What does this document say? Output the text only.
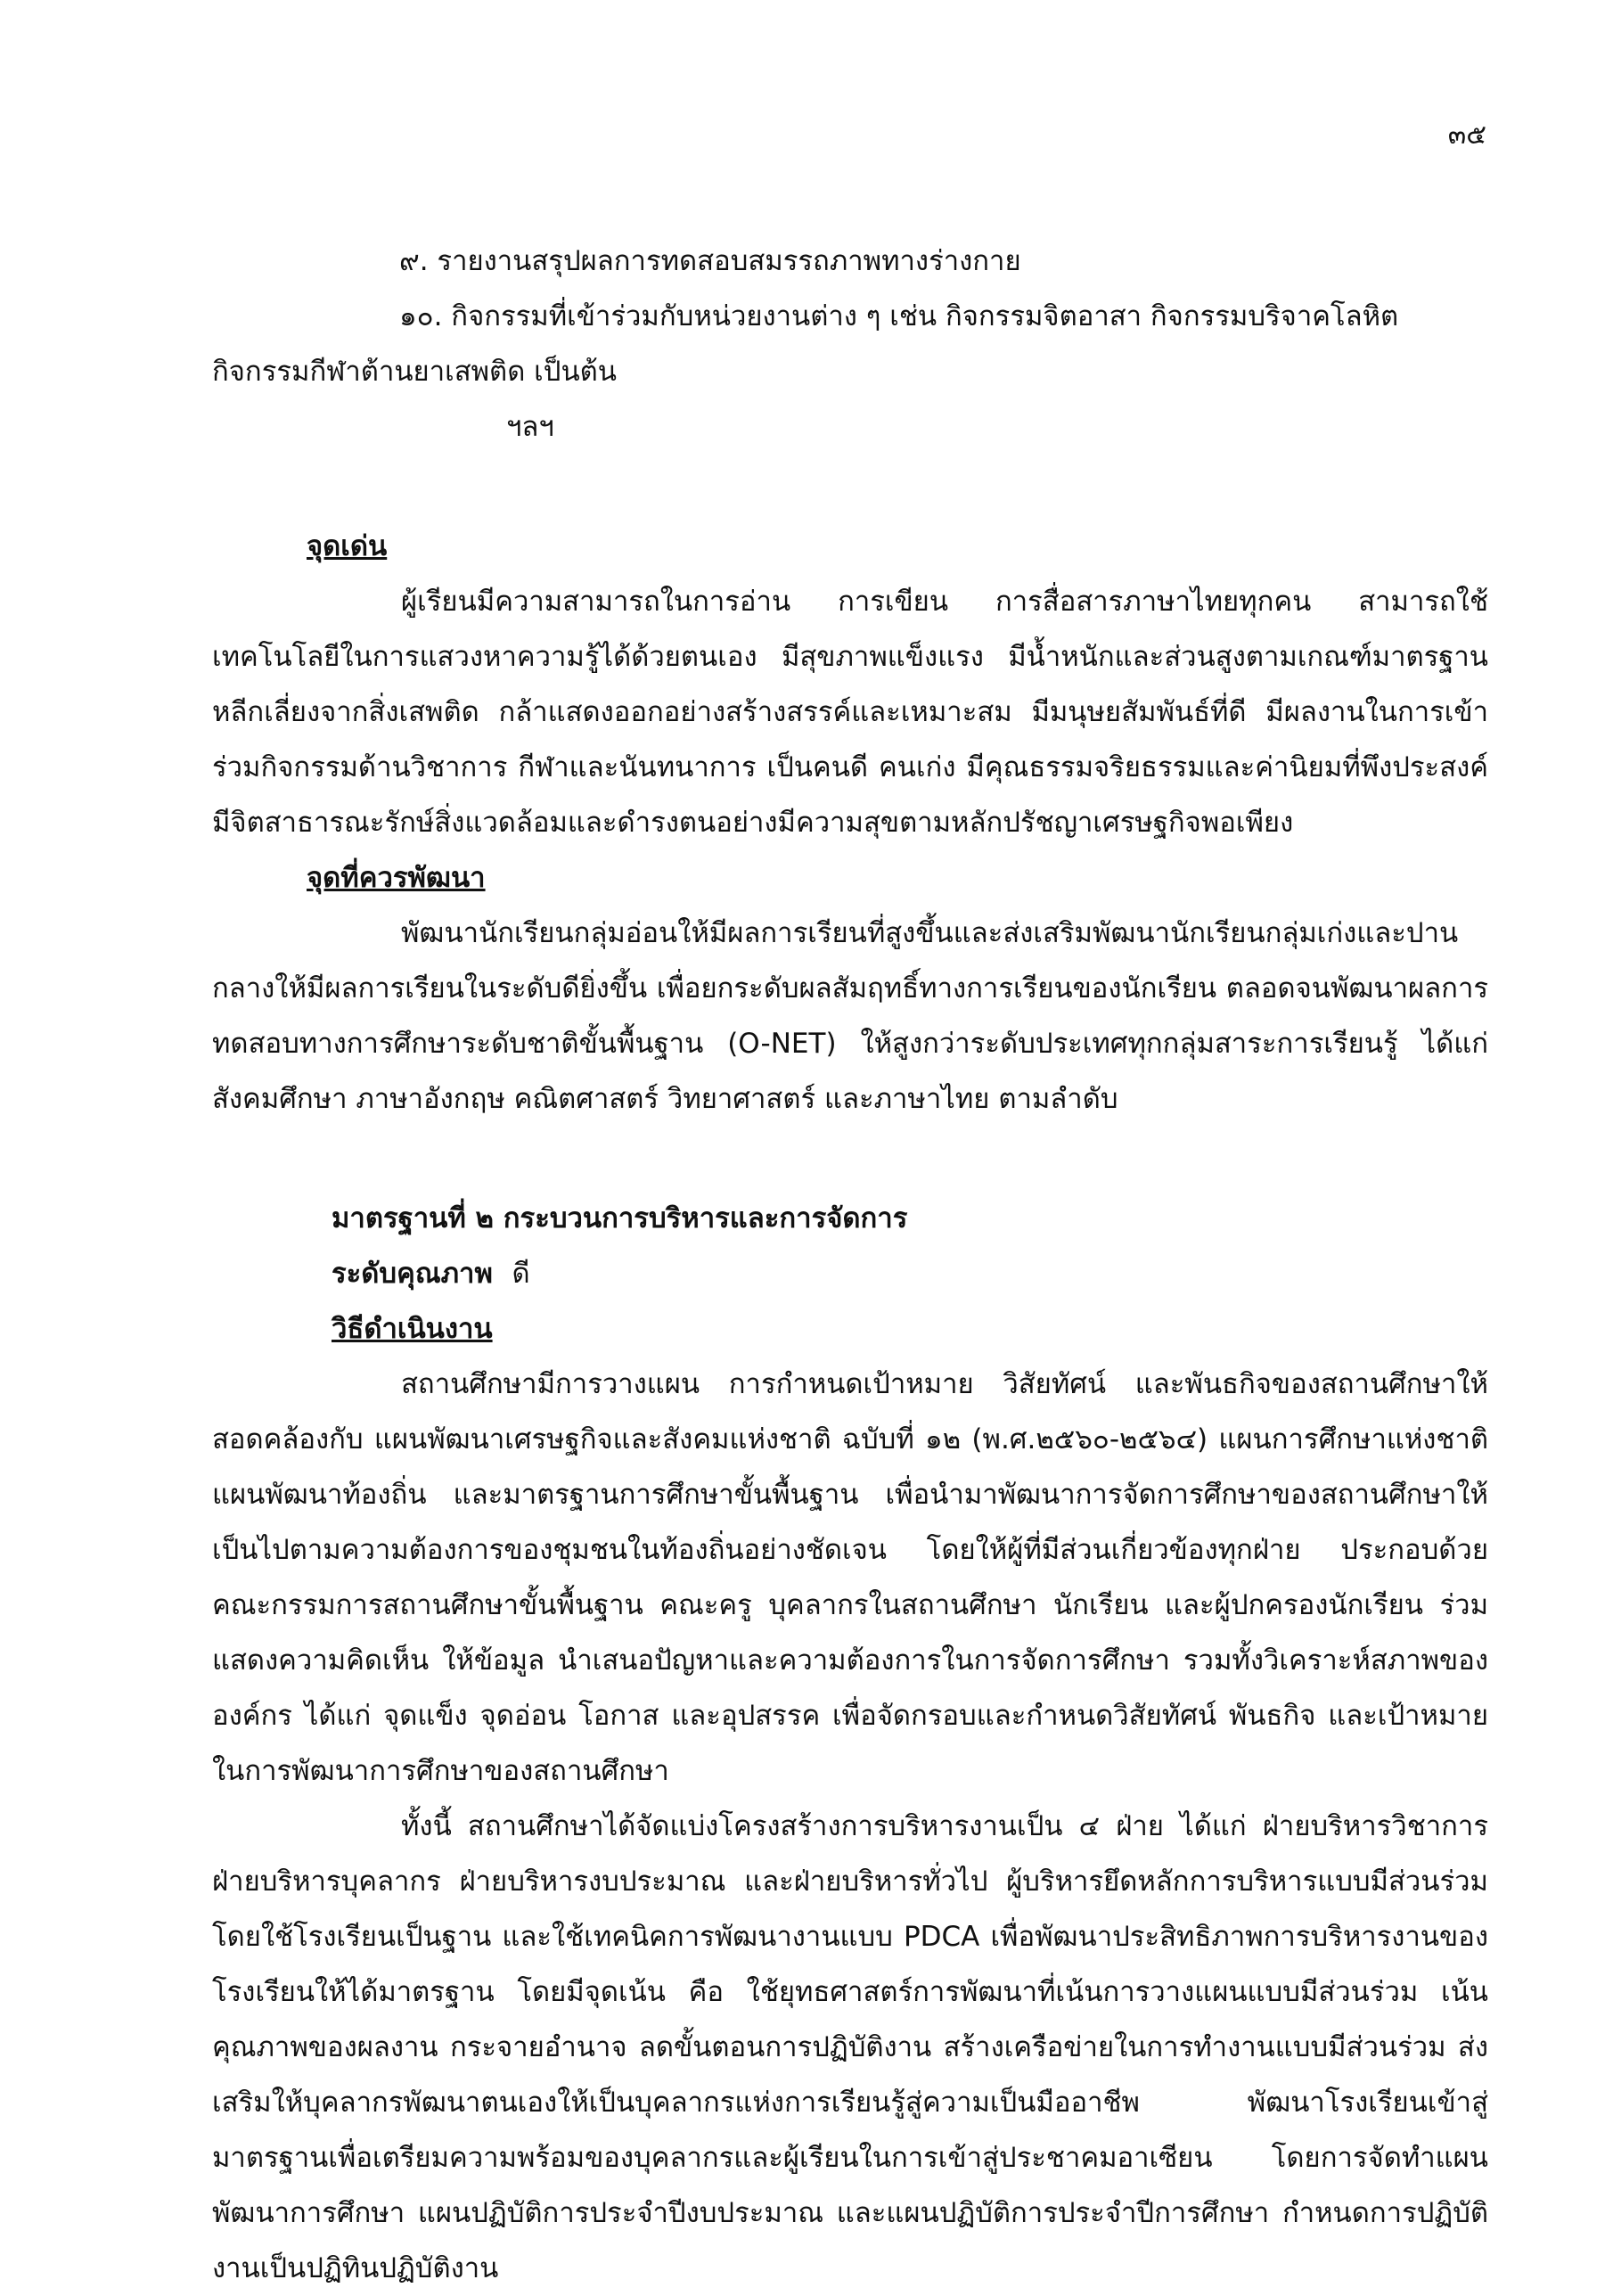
๓๕

๙. รายงานสรุปผลการทดสอบสมรรถภาพทางร่างกาย

๑๐. กิจกรรมที่เข้าร่วมกับหน่วยงานต่าง ๆ เช่น กิจกรรมจิตอาสา กิจกรรมบริจาคโลหิต

กิจกรรมกีฬาต้านยาเสพติด เป็นต้น

ฯลฯ

จุดเด่น

ผู้เรียนมีความสามารถในการอ่าน การเขียน การสื่อสารภาษาไทยทุกคน สามารถใช้เทคโนโลยีในการแสวงหาความรู้ได้ด้วยตนเอง มีสุขภาพแข็งแรง มีน้ำหนักและส่วนสูงตามเกณฑ์มาตรฐาน หลีกเลี่ยงจากสิ่งเสพติด กล้าแสดงออกอย่างสร้างสรรค์และเหมาะสม มีมนุษยสัมพันธ์ที่ดี มีผลงานในการเข้าร่วมกิจกรรมด้านวิชาการ กีฬาและนันทนาการ เป็นคนดี คนเก่ง มีคุณธรรมจริยธรรมและค่านิยมที่พึงประสงค์ มีจิตสาธารณะรักษ์สิ่งแวดล้อมและดำรงตนอย่างมีความสุขตามหลักปรัชญาเศรษฐกิจพอเพียง

จุดที่ควรพัฒนา

พัฒนานักเรียนกลุ่มอ่อนให้มีผลการเรียนที่สูงขึ้นและส่งเสริมพัฒนานักเรียนกลุ่มเก่งและปานกลางให้มีผลการเรียนในระดับดียิ่งขึ้น เพื่อยกระดับผลสัมฤทธิ์ทางการเรียนของนักเรียน ตลอดจนพัฒนาผลการทดสอบทางการศึกษาระดับชาติขั้นพื้นฐาน (O-NET) ให้สูงกว่าระดับประเทศทุกกลุ่มสาระการเรียนรู้ ได้แก่ สังคมศึกษา ภาษาอังกฤษ คณิตศาสตร์ วิทยาศาสตร์ และภาษาไทย ตามลำดับ

มาตรฐานที่ ๒ กระบวนการบริหารและการจัดการ

ระดับคุณภาพ ดี

วิธีดำเนินงาน

สถานศึกษามีการวางแผน การกำหนดเป้าหมาย วิสัยทัศน์ และพันธกิจของสถานศึกษาให้สอดคล้องกับ แผนพัฒนาเศรษฐกิจและสังคมแห่งชาติ ฉบับที่ ๑๒ (พ.ศ.๒๕๖๐-๒๕๖๔) แผนการศึกษาแห่งชาติ แผนพัฒนาท้องถิ่น และมาตรฐานการศึกษาขั้นพื้นฐาน เพื่อนำมาพัฒนาการจัดการศึกษาของสถานศึกษาให้เป็นไปตามความต้องการของชุมชนในท้องถิ่นอย่างชัดเจน โดยให้ผู้ที่มีส่วนเกี่ยวข้องทุกฝ่าย ประกอบด้วย คณะกรรมการสถานศึกษาขั้นพื้นฐาน คณะครู บุคลากรในสถานศึกษา นักเรียน และผู้ปกครองนักเรียน ร่วมแสดงความคิดเห็น ให้ข้อมูล นำเสนอปัญหาและความต้องการในการจัดการศึกษา รวมทั้งวิเคราะห์สภาพขององค์กร ได้แก่ จุดแข็ง จุดอ่อน โอกาส และอุปสรรค เพื่อจัดกรอบและกำหนดวิสัยทัศน์ พันธกิจ และเป้าหมายในการพัฒนาการศึกษาของสถานศึกษา

ทั้งนี้ สถานศึกษาได้จัดแบ่งโครงสร้างการบริหารงานเป็น ๔ ฝ่าย ได้แก่ ฝ่ายบริหารวิชาการ ฝ่ายบริหารบุคลากร ฝ่ายบริหารงบประมาณ และฝ่ายบริหารทั่วไป ผู้บริหารยึดหลักการบริหารแบบมีส่วนร่วมโดยใช้โรงเรียนเป็นฐาน และใช้เทคนิคการพัฒนางานแบบ PDCA เพื่อพัฒนาประสิทธิภาพการบริหารงานของโรงเรียนให้ได้มาตรฐาน โดยมีจุดเน้น คือ ใช้ยุทธศาสตร์การพัฒนาที่เน้นการวางแผนแบบมีส่วนร่วม เน้นคุณภาพของผลงาน กระจายอำนาจ ลดขั้นตอนการปฏิบัติงาน สร้างเครือข่ายในการทำงานแบบมีส่วนร่วม ส่งเสริมให้บุคลากรพัฒนาตนเองให้เป็นบุคลากรแห่งการเรียนรู้สู่ความเป็นมืออาชีพ พัฒนาโรงเรียนเข้าสู่มาตรฐานเพื่อเตรียมความพร้อมของบุคลากรและผู้เรียนในการเข้าสู่ประชาคมอาเซียน โดยการจัดทำแผนพัฒนาการศึกษา แผนปฏิบัติการประจำปีงบประมาณ และแผนปฏิบัติการประจำปีการศึกษา กำหนดการปฏิบัติงานเป็นปฏิทินปฏิบัติงาน
